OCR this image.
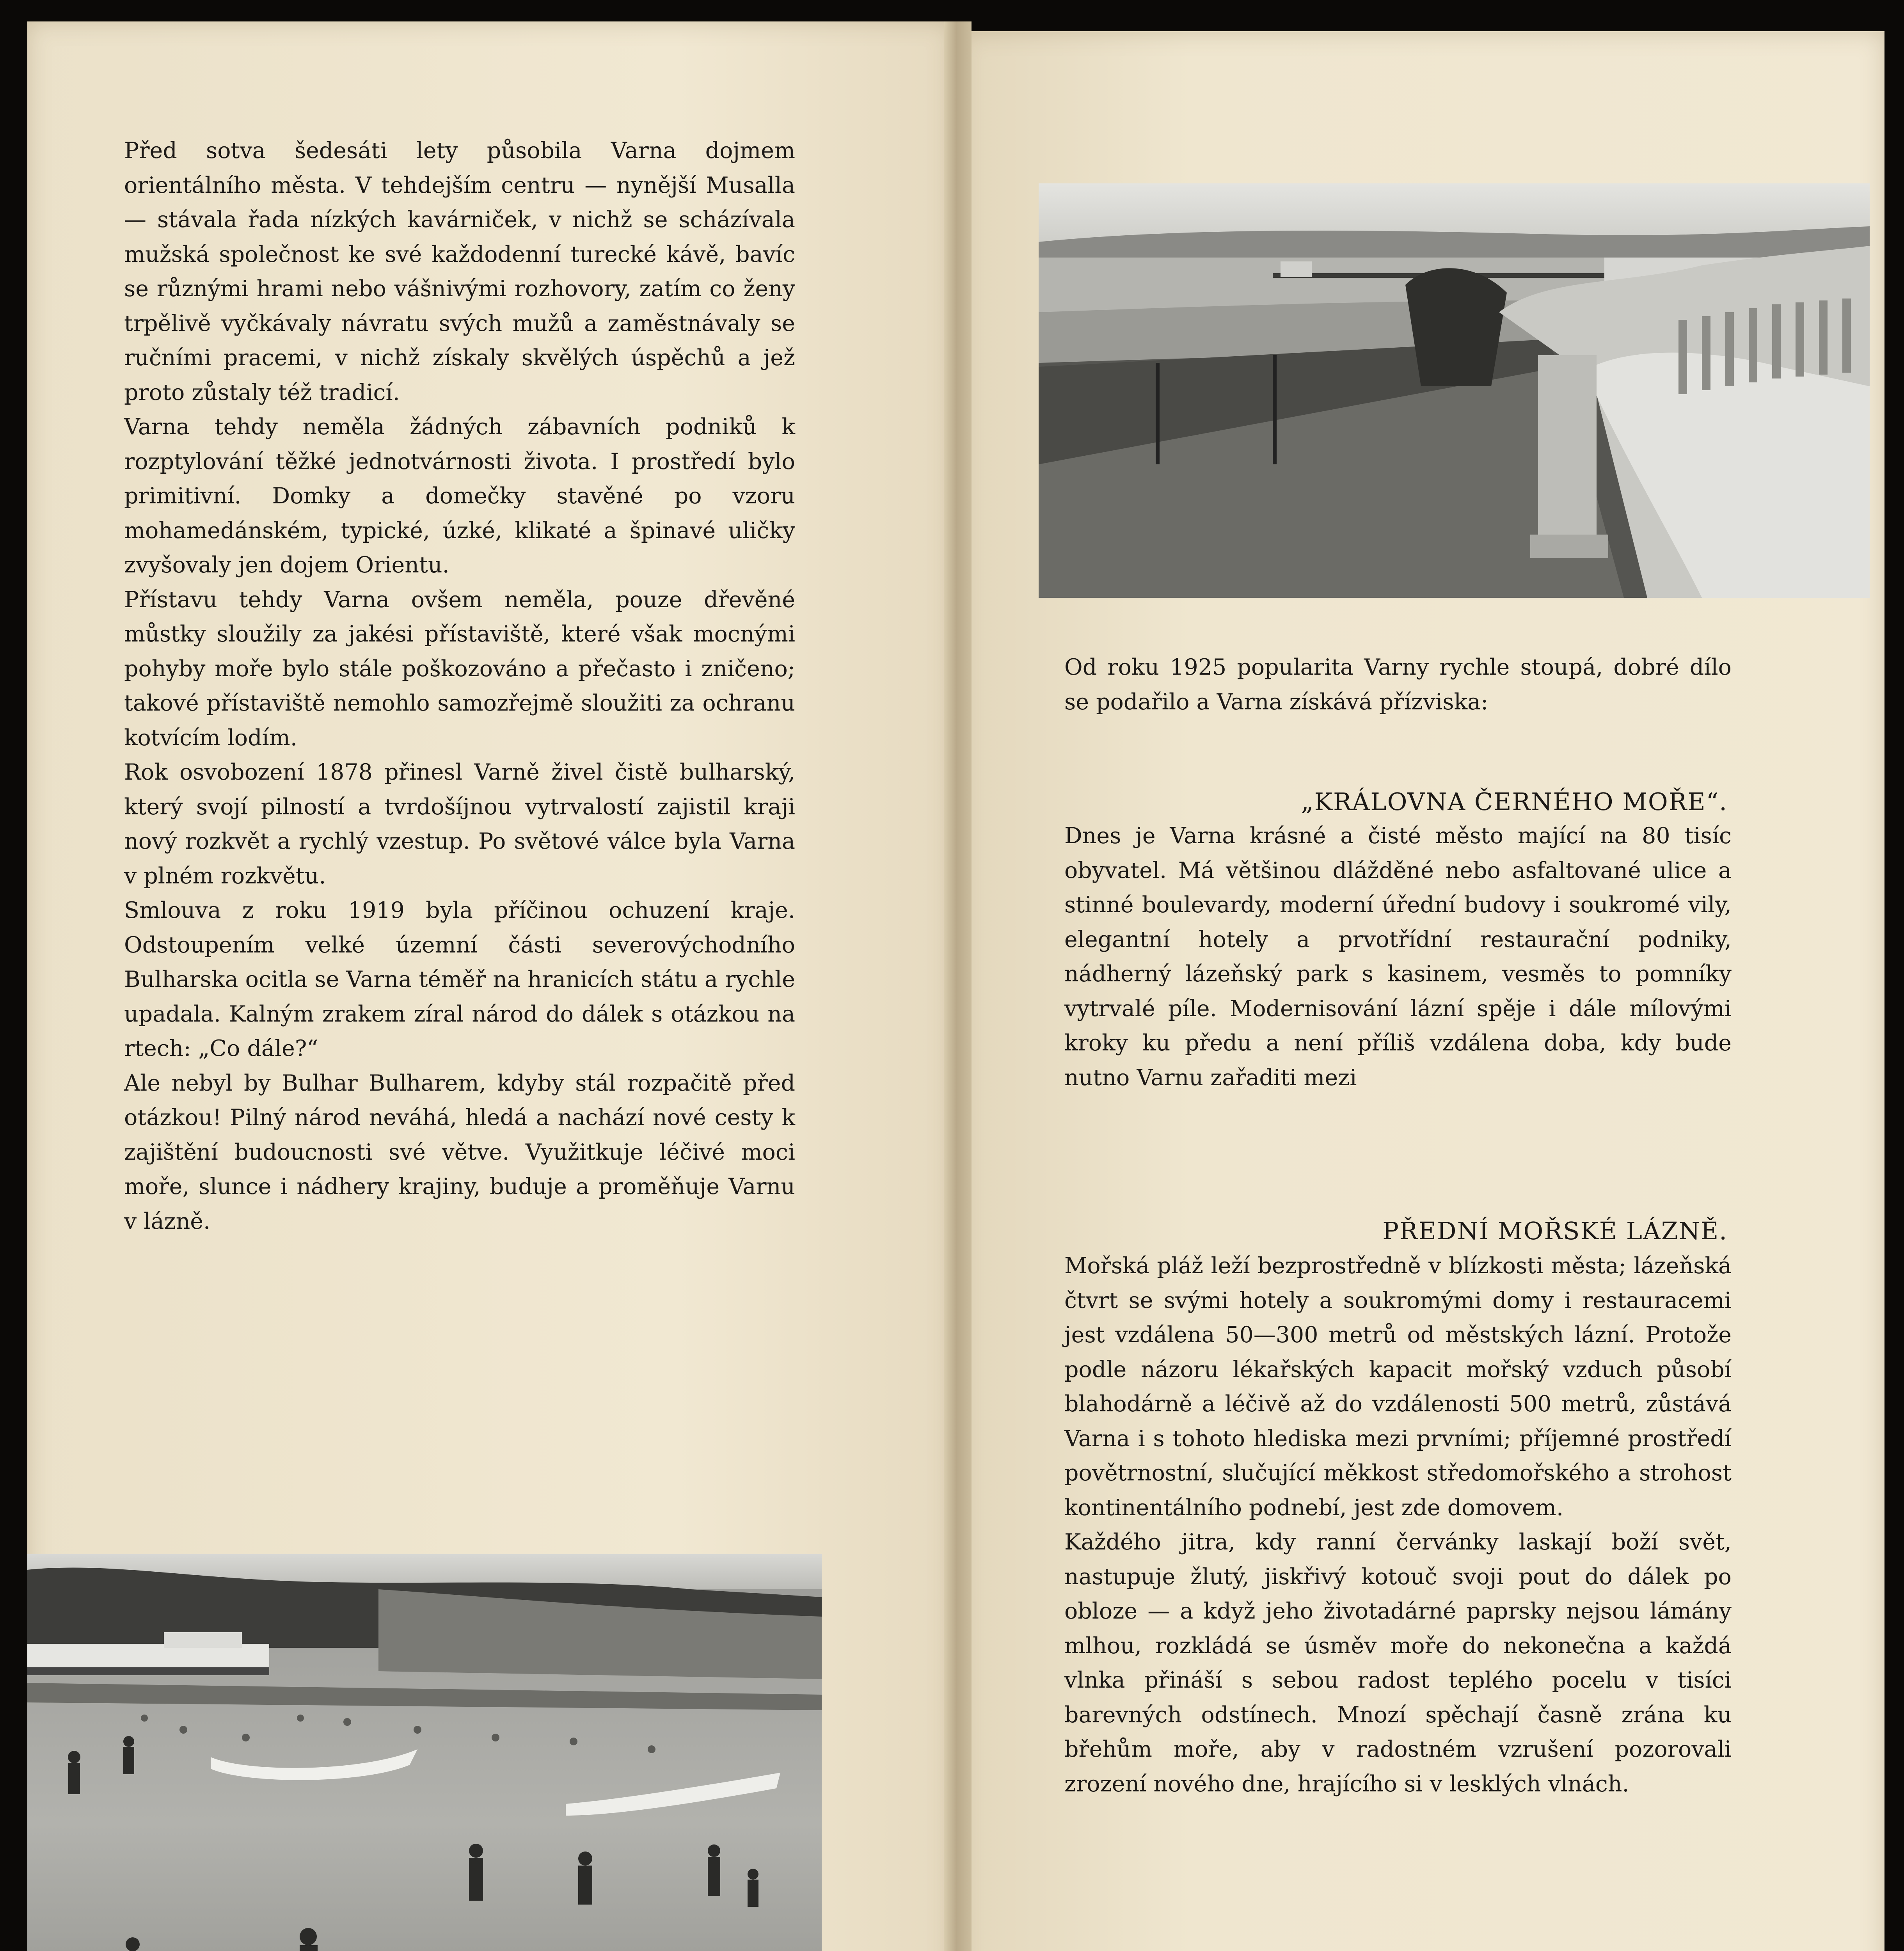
Před sotva šedesáti lety působila Varna dojmem orientálního města. V tehdejším centru — nynější Musalla — stávala řada nízkých kavárniček, v nichž se scházívala mužská společnost ke své každodenní turecké kávě, bavíc se různými hrami nebo vášnivými rozhovory, zatím co ženy trpělivě vyčkávaly návratu svých mužů a zaměstnávaly se ručními pracemi, v nichž získaly skvělých úspěchů a jež proto zůstaly též tradicí.

Varna tehdy neměla žádných zábavních podniků k rozptylování těžké jednotvárnosti života. I prostředí bylo primitivní. Domky a domečky stavěné po vzoru mohamedánském, typické, úzké, klikaté a špinavé uličky zvyšovaly jen dojem Orientu.

Přístavu tehdy Varna ovšem neměla, pouze dřevěné můstky sloužily za jakési přístaviště, které však mocnými pohyby moře bylo stále poškozováno a přečasto i zničeno; takové přístaviště nemohlo samozřejmě sloužiti za ochranu kotvícím lodím.

Rok osvobození 1878 přinesl Varně živel čistě bulharský, který svojí pilností a tvrdošíjnou vytrvalostí zajistil kraji nový rozkvět a rychlý vzestup. Po světové válce byla Varna v plném rozkvětu.

Smlouva z roku 1919 byla příčinou ochuzení kraje. Odstoupením velké územní části severovýchodního Bulharska ocitla se Varna téměř na hranicích státu a rychle upadala. Kalným zrakem zíral národ do dálek s otázkou na rtech: „Co dále?“

Ale nebyl by Bulhar Bulharem, kdyby stál rozpačitě před otázkou! Pilný národ neváhá, hledá a nachází nové cesty k zajištění budoucnosti své větve. Využitkuje léčivé moci moře, slunce i nádhery krajiny, buduje a proměňuje Varnu v lázně.

Od roku 1925 popularita Varny rychle stoupá, dobré dílo se podařilo a Varna získává přízviska:

„KRÁLOVNA ČERNÉHO MOŘE“.

Dnes je Varna krásné a čisté město mající na 80 tisíc obyvatel. Má většinou dlážděné nebo asfaltované ulice a stinné boulevardy, moderní úřední budovy i soukromé vily, elegantní hotely a prvotřídní restaurační podniky, nádherný lázeňský park s kasinem, vesměs to pomníky vytrvalé píle. Modernisování lázní spěje i dále mílovými kroky ku předu a není příliš vzdálena doba, kdy bude nutno Varnu zařaditi mezi

PŘEDNÍ MOŘSKÉ LÁZNĚ.

Mořská pláž leží bezprostředně v blízkosti města; lázeňská čtvrt se svými hotely a soukromými domy i restauracemi jest vzdálena 50—300 metrů od městských lázní. Protože podle názoru lékařských kapacit mořský vzduch působí blahodárně a léčivě až do vzdálenosti 500 metrů, zůstává Varna i s tohoto hlediska mezi prvními; příjemné prostředí povětrnostní, slučující měkkost středomořského a strohost kontinentálního podnebí, jest zde domovem.

Každého jitra, kdy ranní červánky laskají boží svět, nastupuje žlutý, jiskřivý kotouč svoji pout do dálek po obloze — a když jeho životadárné paprsky nejsou lámány mlhou, rozkládá se úsměv moře do nekonečna a každá vlnka přináší s sebou radost teplého pocelu v tisíci barevných odstínech. Mnozí spěchají časně zrána ku břehům moře, aby v radostném vzrušení pozorovali zrození nového dne, hrajícího si v lesklých vlnách.
